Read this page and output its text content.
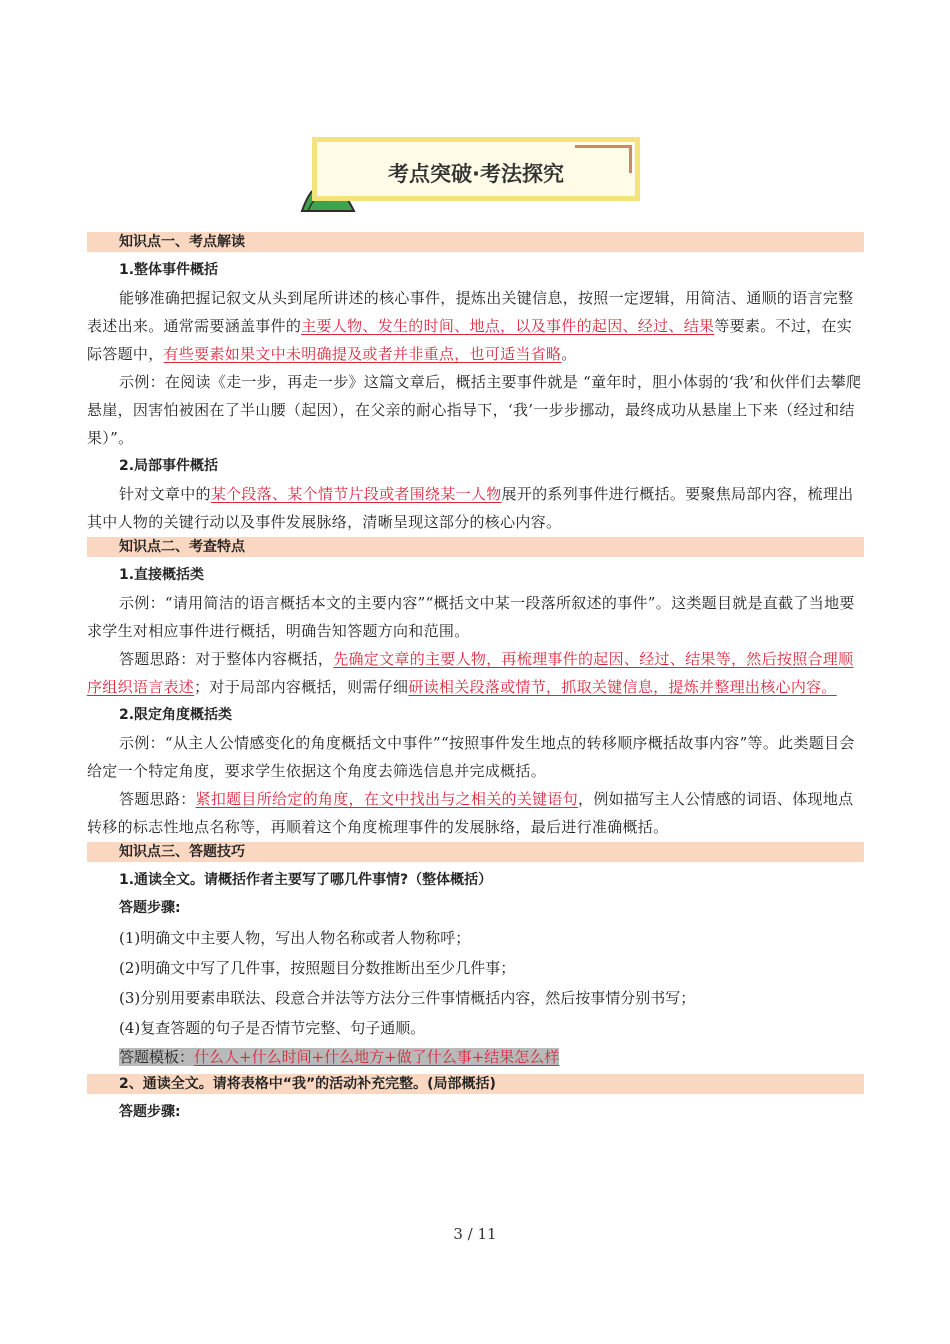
考点突破·考法探究
知识点一、考点解读
1.整体事件概括

能够准确把握记叙文从头到尾所讲述的核心事件，提炼出关键信息，按照一定逻辑，用简洁、通顺的语言完整表述出来。通常需要涵盖事件的主要人物、发生的时间、地点，以及事件的起因、经过、结果等要素。不过，在实际答题中，有些要素如果文中未明确提及或者并非重点，也可适当省略。

示例：在阅读《走一步，再走一步》这篇文章后，概括主要事件就是 “童年时，胆小体弱的‘我’和伙伴们去攀爬悬崖，因害怕被困在了半山腰（起因），在父亲的耐心指导下，‘我’一步步挪动，最终成功从悬崖上下来（经过和结果）”。

2.局部事件概括

针对文章中的某个段落、某个情节片段或者围绕某一人物展开的系列事件进行概括。要聚焦局部内容，梳理出其中人物的关键行动以及事件发展脉络，清晰呈现这部分的核心内容。

知识点二、考查特点
1.直接概括类

示例：“请用简洁的语言概括本文的主要内容”“概括文中某一段落所叙述的事件”。这类题目就是直截了当地要求学生对相应事件进行概括，明确告知答题方向和范围。

答题思路：对于整体内容概括，先确定文章的主要人物，再梳理事件的起因、经过、结果等，然后按照合理顺序组织语言表述；对于局部内容概括，则需仔细研读相关段落或情节，抓取关键信息，提炼并整理出核心内容。

2.限定角度概括类

示例：“从主人公情感变化的角度概括文中事件”“按照事件发生地点的转移顺序概括故事内容”等。此类题目会给定一个特定角度，要求学生依据这个角度去筛选信息并完成概括。

答题思路：紧扣题目所给定的角度，在文中找出与之相关的关键语句，例如描写主人公情感的词语、体现地点转移的标志性地点名称等，再顺着这个角度梳理事件的发展脉络，最后进行准确概括。

知识点三、答题技巧
1.通读全文。请概括作者主要写了哪几件事情?（整体概括）
答题步骤:
(1)明确文中主要人物，写出人物名称或者人物称呼；
(2)明确文中写了几件事，按照题目分数推断出至少几件事；
(3)分别用要素串联法、段意合并法等方法分三件事情概括内容，然后按事情分别书写；
(4)复查答题的句子是否情节完整、句子通顺。
答题模板：什么人+什么时间+什么地方+做了什么事+结果怎么样
2、通读全文。请将表格中“我”的活动补充完整。(局部概括)
答题步骤:
3 / 11
